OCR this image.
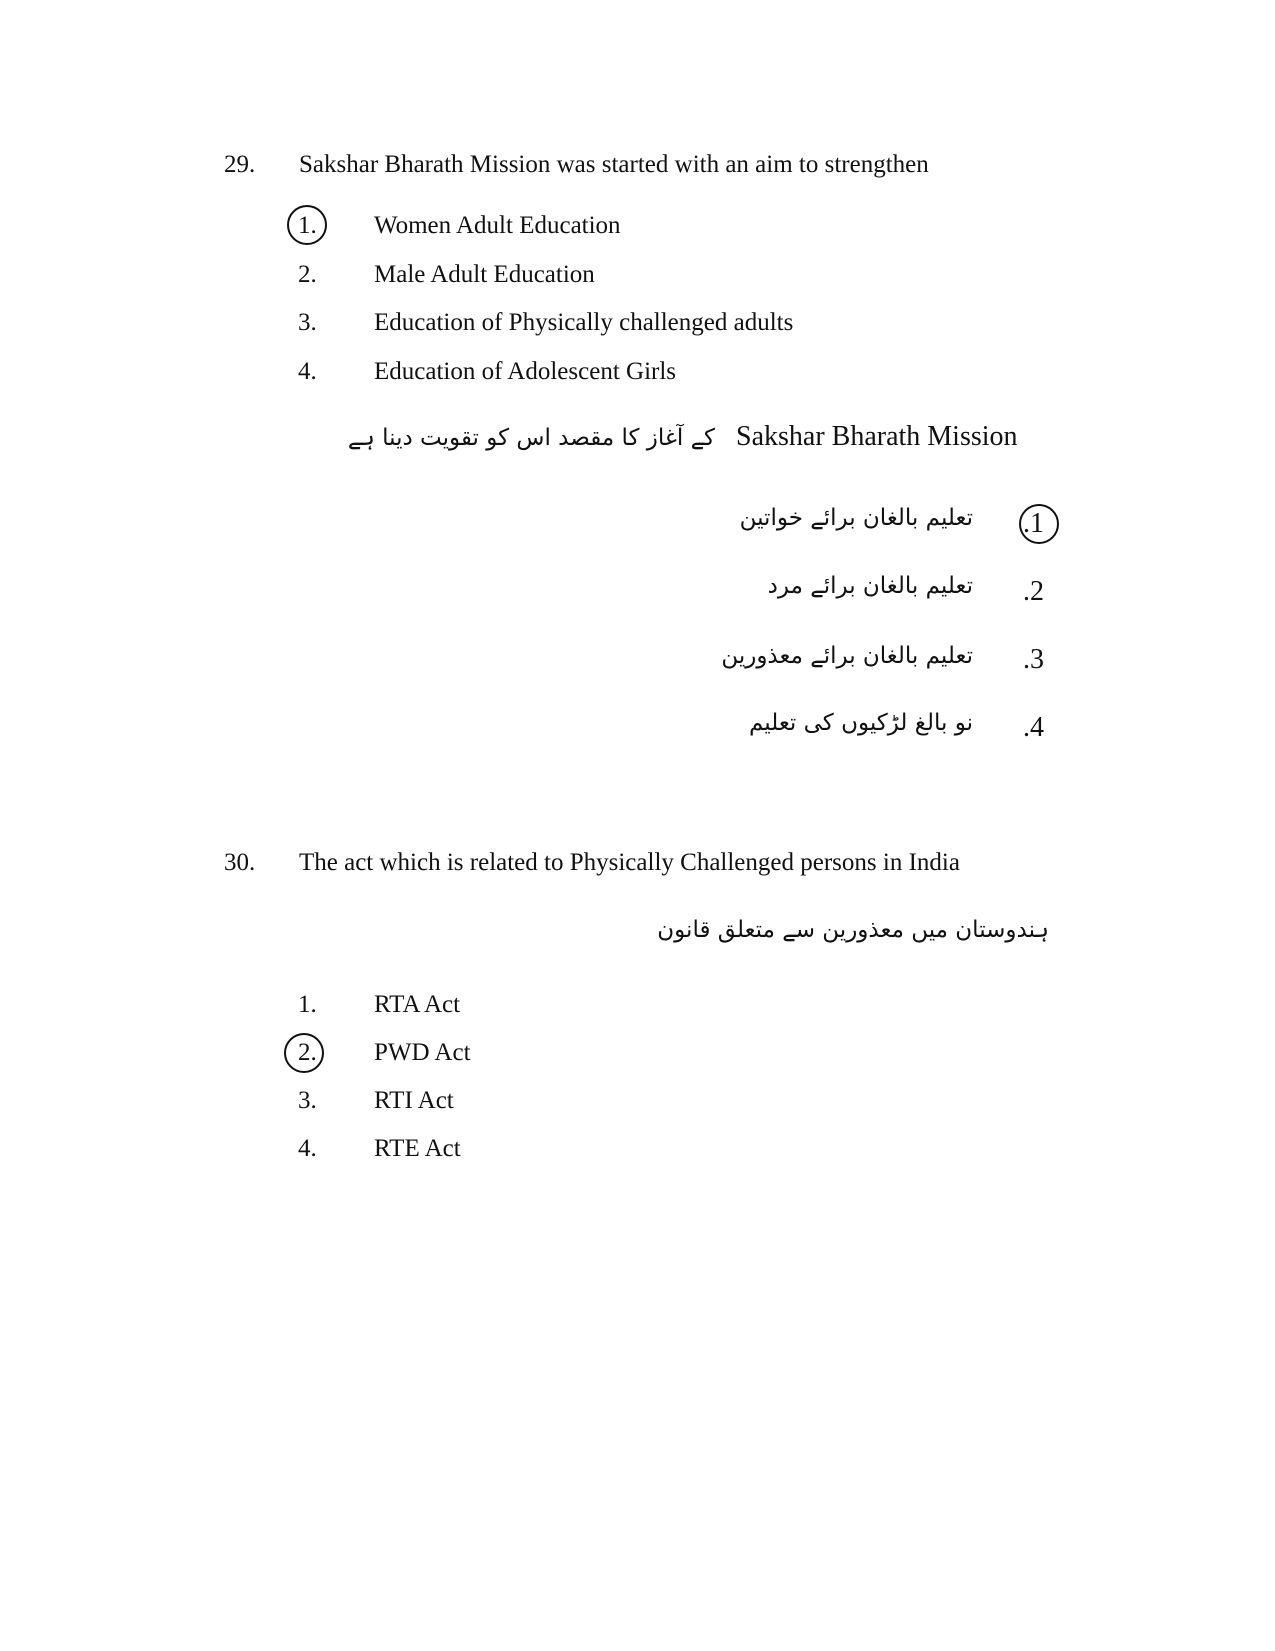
29. Sakshar Bharath Mission was started with an aim to strengthen
1. Women Adult Education
2. Male Adult Education
3. Education of Physically challenged adults
4. Education of Adolescent Girls
Sakshar Bharath Mission
کے آغاز کا مقصد اس کو تقویت دینا ہے
.1
تعلیم بالغان برائے خواتین
.2
تعلیم بالغان برائے مرد
.3
تعلیم بالغان برائے معذورین
.4
نو بالغ لڑکیوں کی تعلیم
30. The act which is related to Physically Challenged persons in India
ہندوستان میں معذورین سے متعلق قانون
1. RTA Act
2. PWD Act
3. RTI Act
4. RTE Act
